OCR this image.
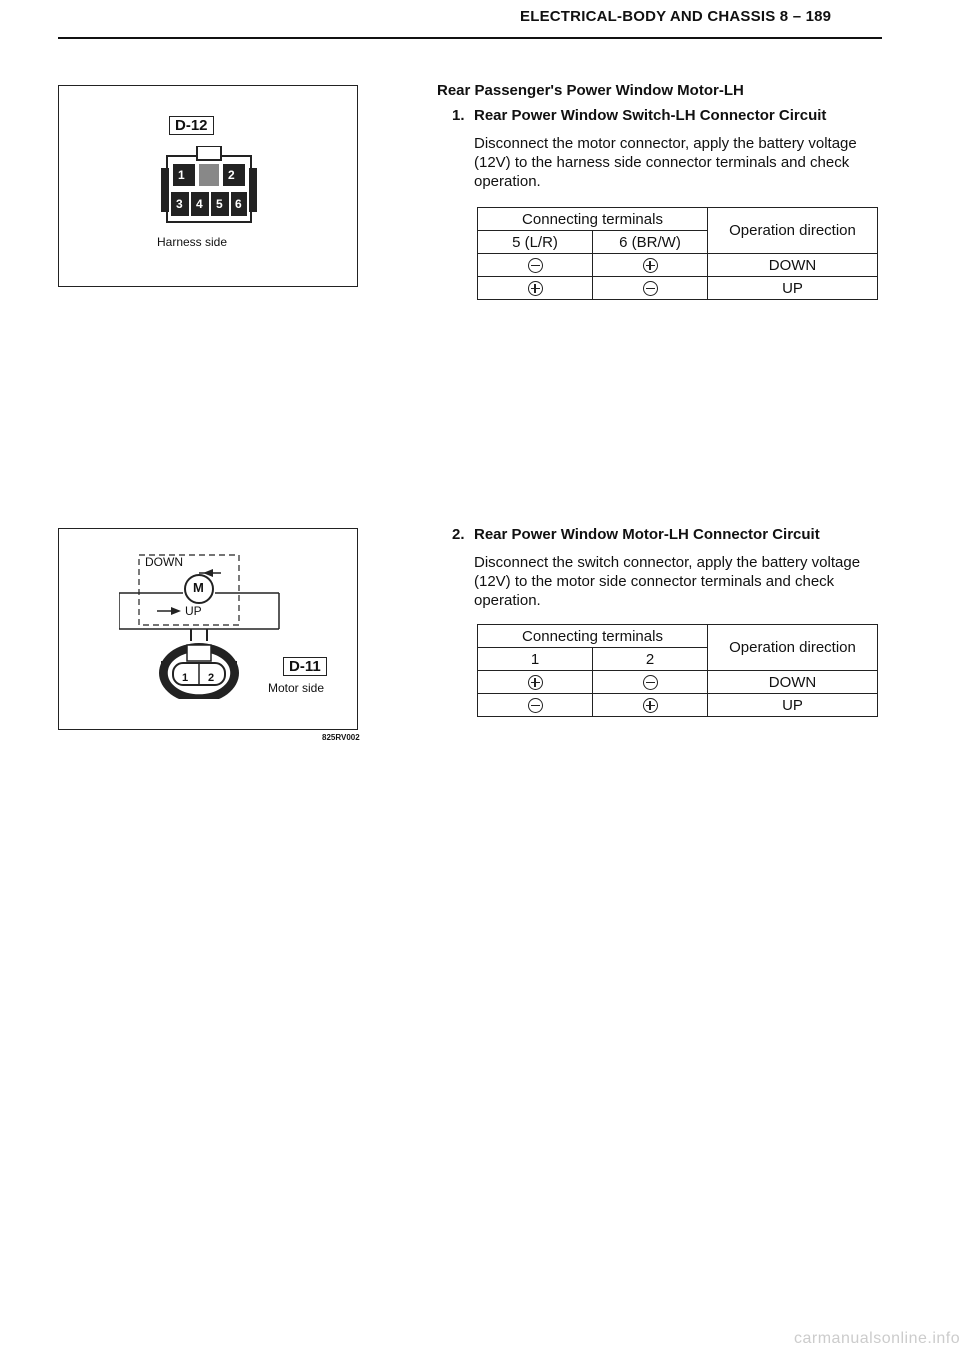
ELECTRICAL-BODY AND CHASSIS 8 – 189
D-12
1	2
3 4 5 6
Harness side
DOWN
M
UP
1 2
D-11
Motor side
825RV002
Rear Passenger's Power Window Motor-LH
1. Rear Power Window Switch-LH Connector Circuit
Disconnect the motor connector, apply the battery voltage (12V) to the harness side connector terminals and check operation.
Connecting terminals		Operation direction
5 (L/R)	6 (BR/W)	
		DOWN
		UP
2. Rear Power Window Motor-LH Connector Circuit
Disconnect the switch connector, apply the battery voltage (12V) to the motor side connector terminals and check operation.
Connecting terminals		Operation direction
1	2	
		DOWN
		UP
carmanualsonline.info
